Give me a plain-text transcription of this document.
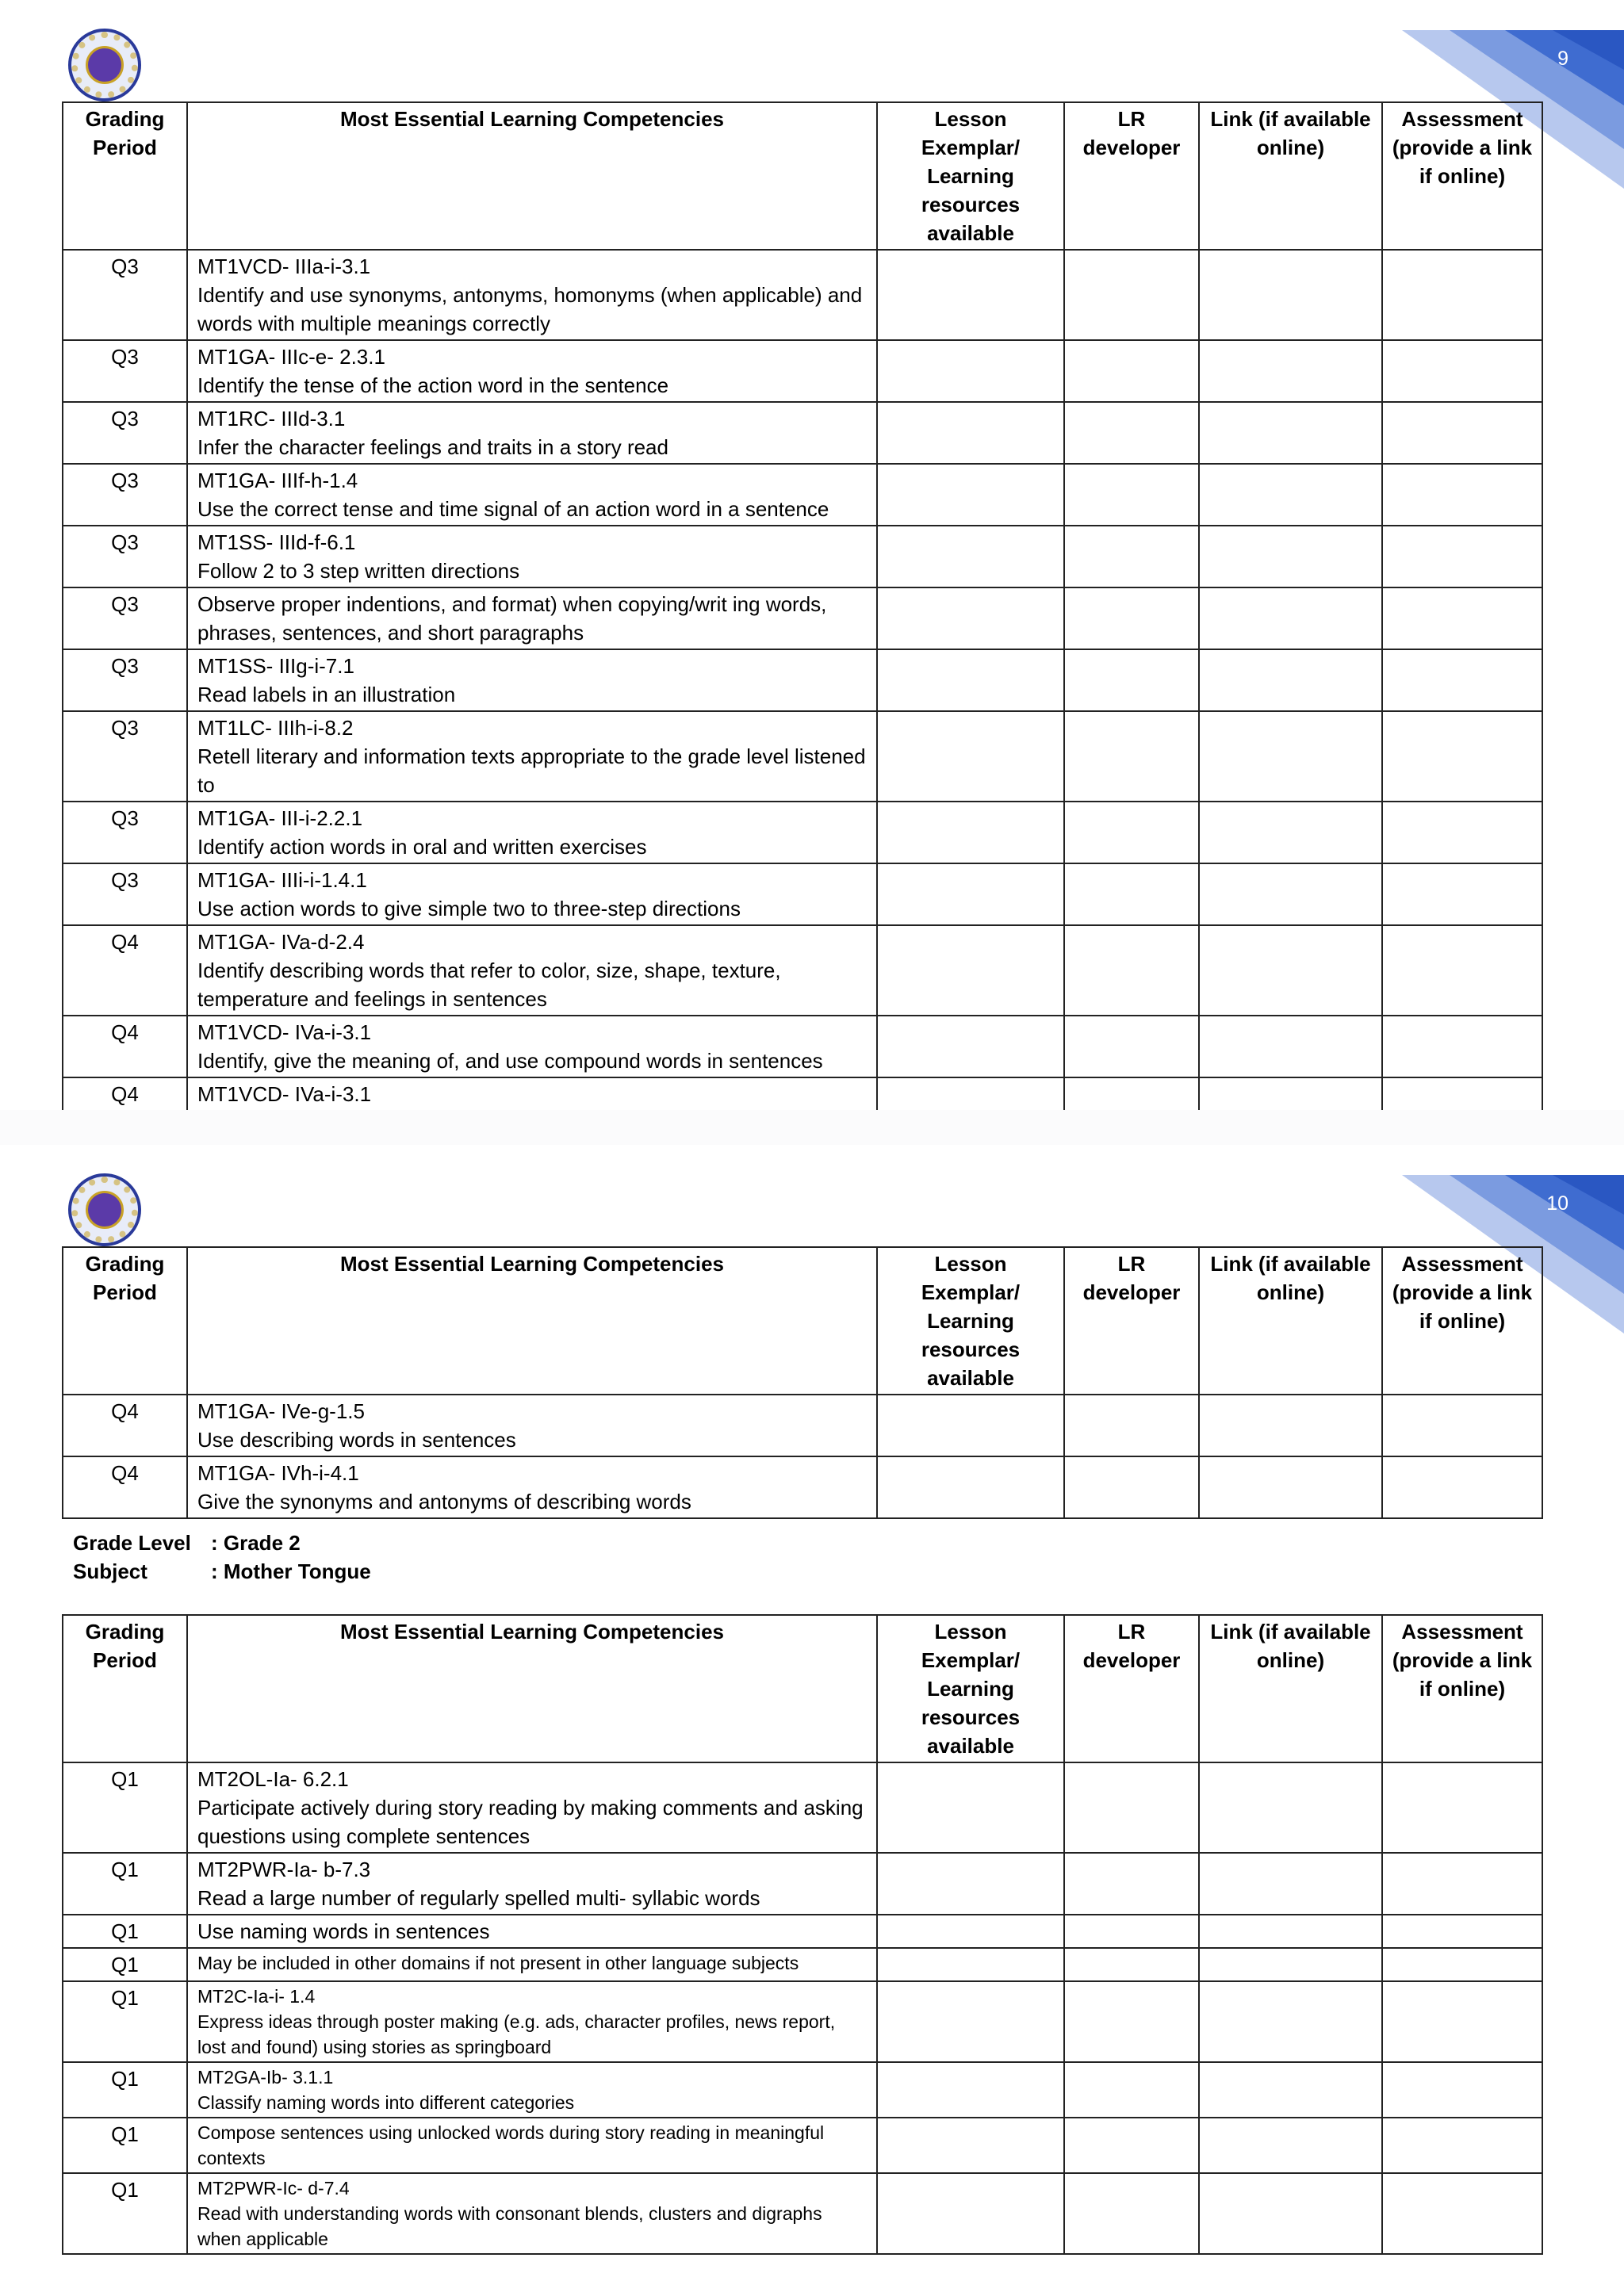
9
Grading Period	Most Essential Learning Competencies	Lesson Exemplar/ Learning resources available	LR developer	Link (if available online)	Assessment (provide a link if online)
Q3	MT1VCD- IIIa-i-3.1
Identify and use synonyms, antonyms, homonyms (when applicable) and words with multiple meanings correctly				

Q3	MT1GA- IIIc-e- 2.3.1
Identify the tense of the action word in the sentence				

Q3	MT1RC- IIId-3.1
Infer the character feelings and traits in a story read				

Q3	MT1GA- IIIf-h-1.4
Use the correct tense and time signal of an action word in a sentence				

Q3	MT1SS- IIId-f-6.1
Follow 2 to 3 step written directions				

Q3	Observe proper indentions, and format) when copying/writ ing words, phrases, sentences, and short paragraphs				

Q3	MT1SS- IIIg-i-7.1
Read labels in an illustration				

Q3	MT1LC- IIIh-i-8.2
Retell literary and information texts appropriate to the grade level listened to				

Q3	MT1GA- III-i-2.2.1
Identify action words in oral and written exercises				

Q3	MT1GA- IIIi-i-1.4.1
Use action words to give simple two to three-step directions				

Q4	MT1GA- IVa-d-2.4
Identify describing words that refer to color, size, shape, texture, temperature and feelings in sentences				

Q4	MT1VCD- IVa-i-3.1
Identify, give the meaning of, and use compound words in sentences				

Q4	MT1VCD- IVa-i-3.1				

10
Grading Period	Most Essential Learning Competencies	Lesson Exemplar/ Learning resources available	LR developer	Link (if available online)	Assessment (provide a link if online)
Q4	MT1GA- IVe-g-1.5
Use describing words in sentences				

Q4	MT1GA- IVh-i-4.1
Give the synonyms and antonyms of describing words				

Grade Level : Grade 2
Subject	: Mother Tongue
Grading Period	Most Essential Learning Competencies	Lesson Exemplar/ Learning resources available	LR developer	Link (if available online)	Assessment (provide a link if online)
Q1	MT2OL-Ia- 6.2.1
Participate actively during story reading by making comments and asking questions using complete sentences				

Q1	MT2PWR-Ia- b-7.3
Read a large number of regularly spelled multi- syllabic words				

Q1	Use naming words in sentences				

Q1	May be included in other domains if not present in other language subjects				

Q1	MT2C-Ia-i- 1.4
Express ideas through poster making (e.g. ads, character profiles, news report, lost and found) using stories as springboard				

Q1	MT2GA-Ib- 3.1.1
Classify naming words into different categories				

Q1	Compose sentences using unlocked words during story reading in meaningful contexts				

Q1	MT2PWR-Ic- d-7.4
Read with understanding words with consonant blends, clusters and digraphs when applicable				
